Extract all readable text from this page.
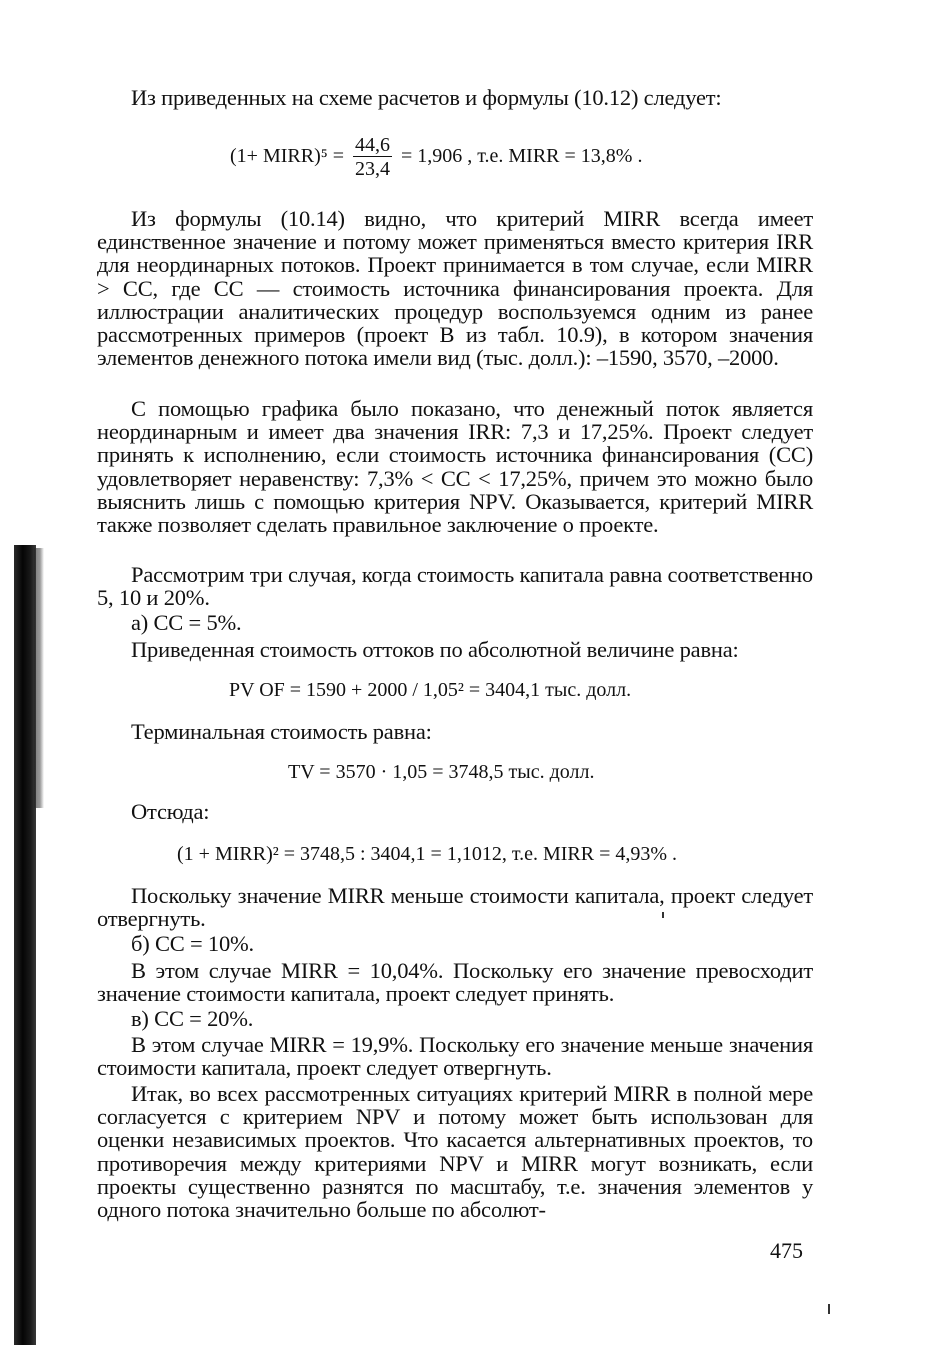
Из приведенных на схеме расчетов и формулы (10.12) следует:

(1+ MIRR)⁵ = $\frac{44,6}{23,4} = 1,906$ , т.е. MIRR = 13,8% .

Из формулы (10.14) видно, что критерий MIRR всегда имеет единственное значение и потому может применяться вместо критерия IRR для неординарных потоков. Проект принимается в том случае, если MIRR > CC, где CC — стоимость источника финансирования проекта. Для иллюстрации аналитических процедур воспользуемся одним из ранее рассмотренных примеров (проект B из табл. 10.9), в котором значения элементов денежного потока имели вид (тыс. долл.): –1590, 3570, –2000.

С помощью графика было показано, что денежный поток является неординарным и имеет два значения IRR: 7,3 и 17,25%. Проект следует принять к исполнению, если стоимость источника финансирования (CC) удовлетворяет неравенству: 7,3% < CC < 17,25%, причем это можно было выяснить лишь с помощью критерия NPV. Оказывается, критерий MIRR также позволяет сделать правильное заключение о проекте.

Рассмотрим три случая, когда стоимость капитала равна соответственно 5, 10 и 20%.

а) CC = 5%.

Приведенная стоимость оттоков по абсолютной величине равна:

PV OF = 1590 + 2000 / 1,05² = 3404,1 тыс. долл.

Терминальная стоимость равна:

TV = 3570 · 1,05 = 3748,5 тыс. долл.

Отсюда:

(1 + MIRR)² = 3748,5 : 3404,1 = 1,1012, т.е. MIRR = 4,93% .

Поскольку значение MIRR меньше стоимости капитала, проект следует отвергнуть.

б) CC = 10%.

В этом случае MIRR = 10,04%. Поскольку его значение превосходит значение стоимости капитала, проект следует принять.

в) CC = 20%.

В этом случае MIRR = 19,9%. Поскольку его значение меньше значения стоимости капитала, проект следует отвергнуть.

Итак, во всех рассмотренных ситуациях критерий MIRR в полной мере согласуется с критерием NPV и потому может быть использован для оценки независимых проектов. Что касается альтернативных проектов, то противоречия между критериями NPV и MIRR могут возникать, если проекты существенно разнятся по масштабу, т.е. значения элементов у одного потока значительно больше по абсолют-

475
